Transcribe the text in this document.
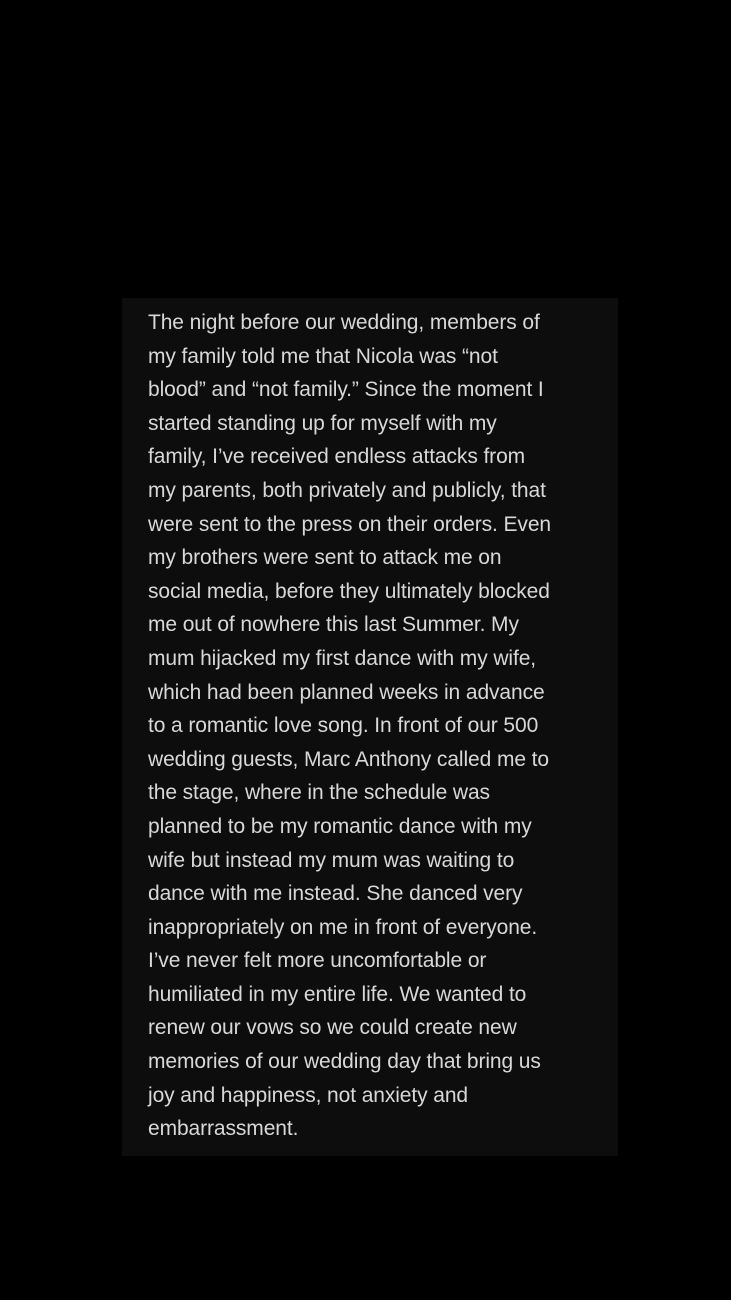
The night before our wedding, members of
my family told me that Nicola was “not
blood” and “not family.” Since the moment I
started standing up for myself with my
family, I’ve received endless attacks from
my parents, both privately and publicly, that
were sent to the press on their orders. Even
my brothers were sent to attack me on
social media, before they ultimately blocked
me out of nowhere this last Summer. My
mum hijacked my first dance with my wife,
which had been planned weeks in advance
to a romantic love song. In front of our 500
wedding guests, Marc Anthony called me to
the stage, where in the schedule was
planned to be my romantic dance with my
wife but instead my mum was waiting to
dance with me instead. She danced very
inappropriately on me in front of everyone.
I’ve never felt more uncomfortable or
humiliated in my entire life. We wanted to
renew our vows so we could create new
memories of our wedding day that bring us
joy and happiness, not anxiety and
embarrassment.
